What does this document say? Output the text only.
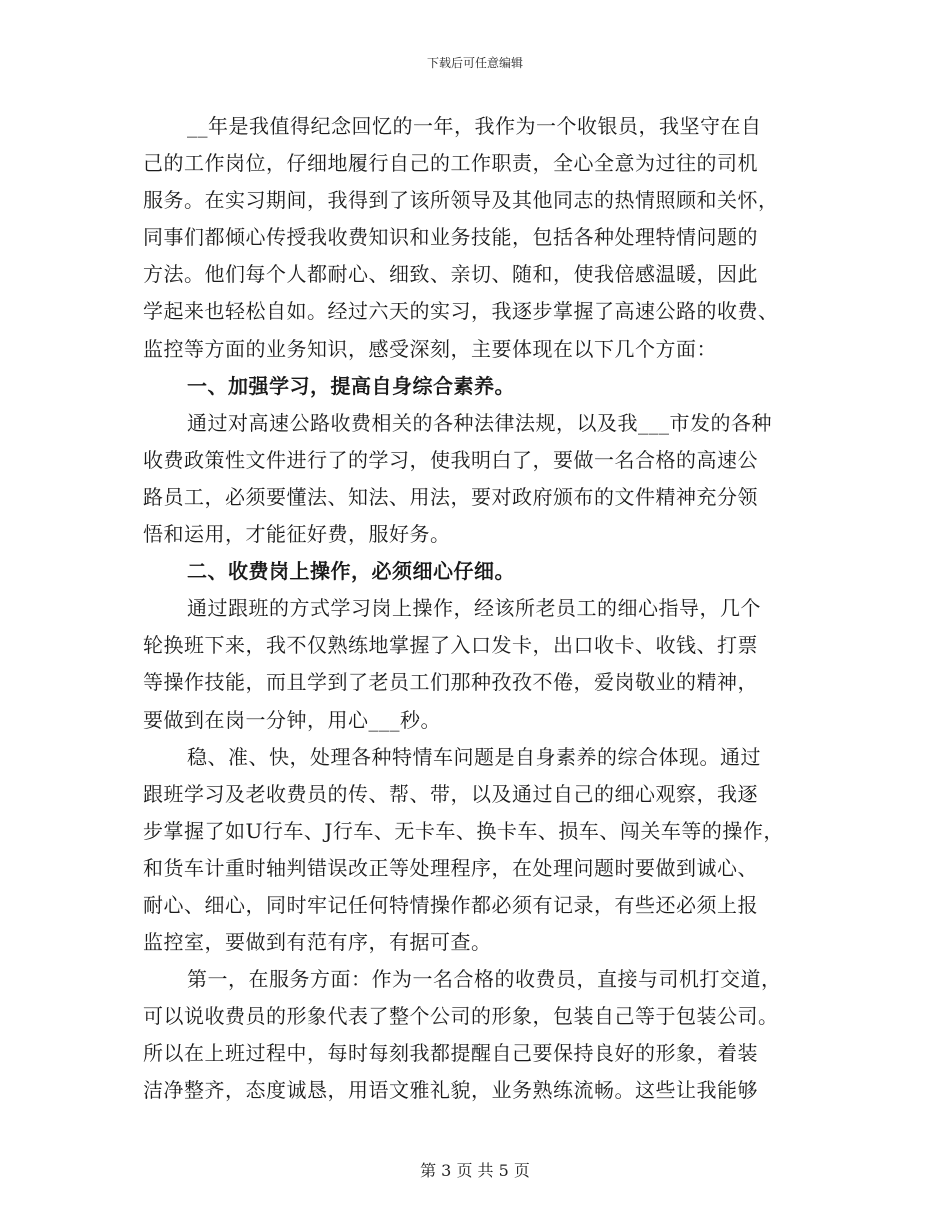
下载后可任意编辑
__年是我值得纪念回忆的一年，我作为一个收银员，我坚守在自
己的工作岗位，仔细地履行自己的工作职责，全心全意为过往的司机
服务。在实习期间，我得到了该所领导及其他同志的热情照顾和关怀，
同事们都倾心传授我收费知识和业务技能，包括各种处理特情问题的
方法。他们每个人都耐心、细致、亲切、随和，使我倍感温暖，因此
学起来也轻松自如。经过六天的实习，我逐步掌握了高速公路的收费、
监控等方面的业务知识，感受深刻，主要体现在以下几个方面：
一、加强学习，提高自身综合素养。
通过对高速公路收费相关的各种法律法规，以及我___市发的各种
收费政策性文件进行了的学习，使我明白了，要做一名合格的高速公
路员工，必须要懂法、知法、用法，要对政府颁布的文件精神充分领
悟和运用，才能征好费，服好务。
二、收费岗上操作，必须细心仔细。
通过跟班的方式学习岗上操作，经该所老员工的细心指导，几个
轮换班下来，我不仅熟练地掌握了入口发卡，出口收卡、收钱、打票
等操作技能，而且学到了老员工们那种孜孜不倦，爱岗敬业的精神，
要做到在岗一分钟，用心___秒。
稳、准、快，处理各种特情车问题是自身素养的综合体现。通过
跟班学习及老收费员的传、帮、带，以及通过自己的细心观察，我逐
步掌握了如U行车、J行车、无卡车、换卡车、损车、闯关车等的操作，
和货车计重时轴判错误改正等处理程序，在处理问题时要做到诚心、
耐心、细心，同时牢记任何特情操作都必须有记录，有些还必须上报
监控室，要做到有范有序，有据可查。
第一，在服务方面：作为一名合格的收费员，直接与司机打交道，
可以说收费员的形象代表了整个公司的形象，包装自己等于包装公司。
所以在上班过程中，每时每刻我都提醒自己要保持良好的形象，着装
洁净整齐，态度诚恳，用语文雅礼貌，业务熟练流畅。这些让我能够
第 3 页 共 5 页
